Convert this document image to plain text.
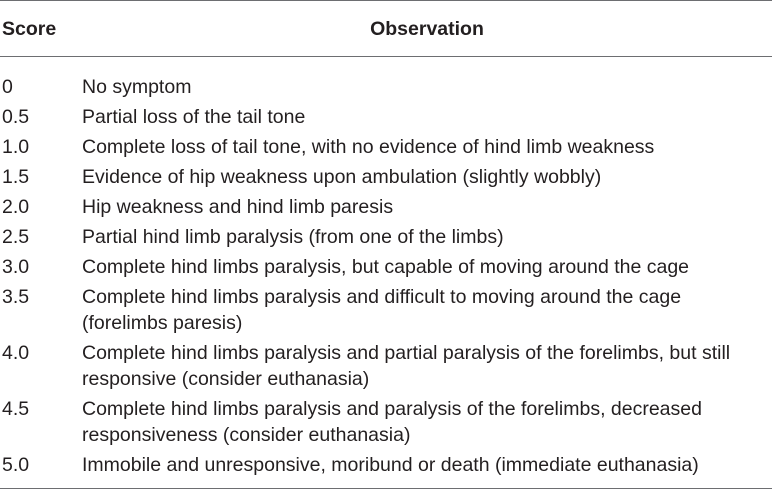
Score	Observation
0	No symptom
0.5	Partial loss of the tail tone
1.0	Complete loss of tail tone, with no evidence of hind limb weakness
1.5	Evidence of hip weakness upon ambulation (slightly wobbly)
2.0	Hip weakness and hind limb paresis
2.5	Partial hind limb paralysis (from one of the limbs)
3.0	Complete hind limbs paralysis, but capable of moving around the cage
3.5	Complete hind limbs paralysis and difficult to moving around the cage (forelimbs paresis)
4.0	Complete hind limbs paralysis and partial paralysis of the forelimbs, but still responsive (consider euthanasia)
4.5	Complete hind limbs paralysis and paralysis of the forelimbs, decreased responsiveness (consider euthanasia)
5.0	Immobile and unresponsive, moribund or death (immediate euthanasia)
